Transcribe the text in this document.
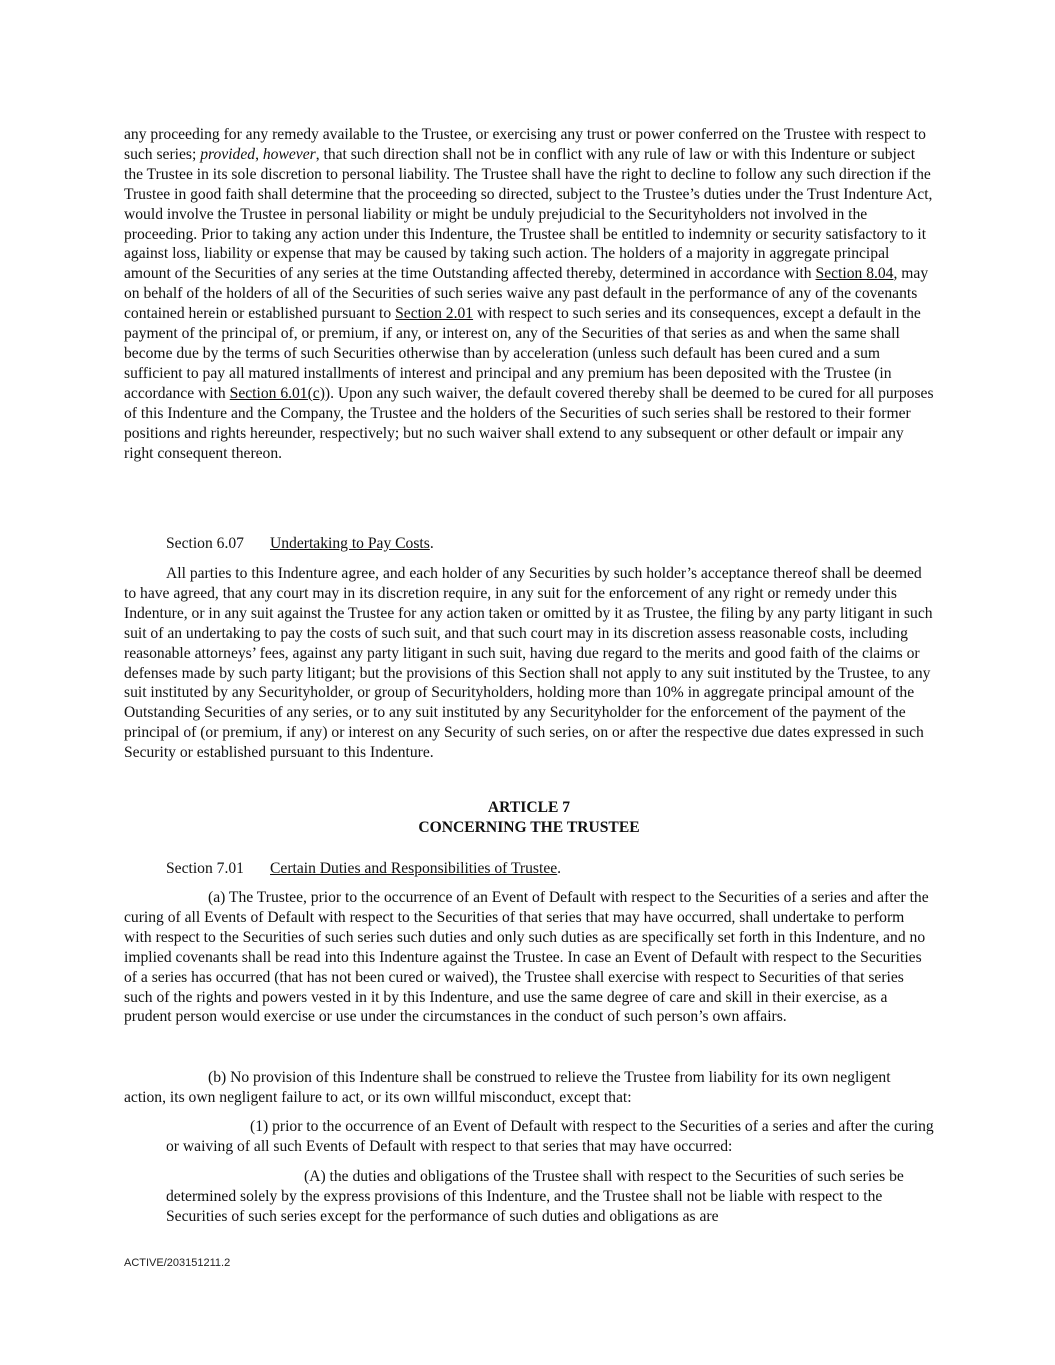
any proceeding for any remedy available to the Trustee, or exercising any trust or power conferred on the Trustee with respect to such series; provided, however, that such direction shall not be in conflict with any rule of law or with this Indenture or subject the Trustee in its sole discretion to personal liability. The Trustee shall have the right to decline to follow any such direction if the Trustee in good faith shall determine that the proceeding so directed, subject to the Trustee’s duties under the Trust Indenture Act, would involve the Trustee in personal liability or might be unduly prejudicial to the Securityholders not involved in the proceeding. Prior to taking any action under this Indenture, the Trustee shall be entitled to indemnity or security satisfactory to it against loss, liability or expense that may be caused by taking such action. The holders of a majority in aggregate principal amount of the Securities of any series at the time Outstanding affected thereby, determined in accordance with Section 8.04, may on behalf of the holders of all of the Securities of such series waive any past default in the performance of any of the covenants contained herein or established pursuant to Section 2.01 with respect to such series and its consequences, except a default in the payment of the principal of, or premium, if any, or interest on, any of the Securities of that series as and when the same shall become due by the terms of such Securities otherwise than by acceleration (unless such default has been cured and a sum sufficient to pay all matured installments of interest and principal and any premium has been deposited with the Trustee (in accordance with Section 6.01(c)). Upon any such waiver, the default covered thereby shall be deemed to be cured for all purposes of this Indenture and the Company, the Trustee and the holders of the Securities of such series shall be restored to their former positions and rights hereunder, respectively; but no such waiver shall extend to any subsequent or other default or impair any right consequent thereon.

Section 6.07 Undertaking to Pay Costs.

All parties to this Indenture agree, and each holder of any Securities by such holder’s acceptance thereof shall be deemed to have agreed, that any court may in its discretion require, in any suit for the enforcement of any right or remedy under this Indenture, or in any suit against the Trustee for any action taken or omitted by it as Trustee, the filing by any party litigant in such suit of an undertaking to pay the costs of such suit, and that such court may in its discretion assess reasonable costs, including reasonable attorneys’ fees, against any party litigant in such suit, having due regard to the merits and good faith of the claims or defenses made by such party litigant; but the provisions of this Section shall not apply to any suit instituted by the Trustee, to any suit instituted by any Securityholder, or group of Securityholders, holding more than 10% in aggregate principal amount of the Outstanding Securities of any series, or to any suit instituted by any Securityholder for the enforcement of the payment of the principal of (or premium, if any) or interest on any Security of such series, on or after the respective due dates expressed in such Security or established pursuant to this Indenture.

ARTICLE 7

CONCERNING THE TRUSTEE

Section 7.01 Certain Duties and Responsibilities of Trustee.

(a) The Trustee, prior to the occurrence of an Event of Default with respect to the Securities of a series and after the curing of all Events of Default with respect to the Securities of that series that may have occurred, shall undertake to perform with respect to the Securities of such series such duties and only such duties as are specifically set forth in this Indenture, and no implied covenants shall be read into this Indenture against the Trustee. In case an Event of Default with respect to the Securities of a series has occurred (that has not been cured or waived), the Trustee shall exercise with respect to Securities of that series such of the rights and powers vested in it by this Indenture, and use the same degree of care and skill in their exercise, as a prudent person would exercise or use under the circumstances in the conduct of such person’s own affairs.

(b) No provision of this Indenture shall be construed to relieve the Trustee from liability for its own negligent action, its own negligent failure to act, or its own willful misconduct, except that:

(1) prior to the occurrence of an Event of Default with respect to the Securities of a series and after the curing or waiving of all such Events of Default with respect to that series that may have occurred:

(A) the duties and obligations of the Trustee shall with respect to the Securities of such series be determined solely by the express provisions of this Indenture, and the Trustee shall not be liable with respect to the Securities of such series except for the performance of such duties and obligations as are

ACTIVE/203151211.2
